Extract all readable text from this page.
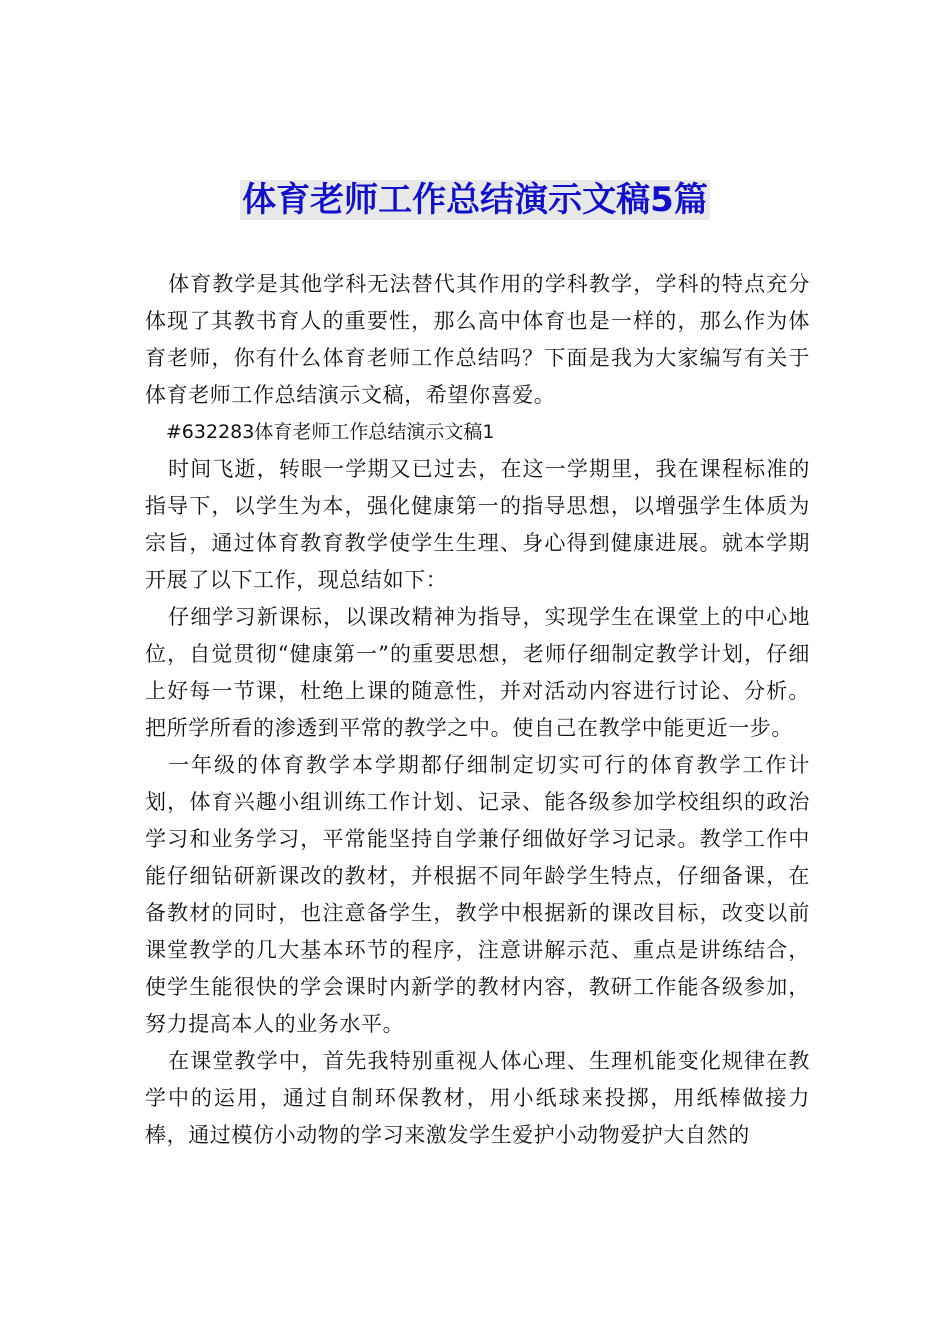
体育老师工作总结演示文稿5篇

体育教学是其他学科无法替代其作用的学科教学，学科的特点充分体现了其教书育人的重要性，那么高中体育也是一样的，那么作为体育老师，你有什么体育老师工作总结吗？下面是我为大家编写有关于体育老师工作总结演示文稿，希望你喜爱。

#632283体育老师工作总结演示文稿1

时间飞逝，转眼一学期又已过去，在这一学期里，我在课程标准的指导下，以学生为本，强化健康第一的指导思想，以增强学生体质为宗旨，通过体育教育教学使学生生理、身心得到健康进展。就本学期开展了以下工作，现总结如下：

仔细学习新课标，以课改精神为指导，实现学生在课堂上的中心地位，自觉贯彻“健康第一”的重要思想，老师仔细制定教学计划，仔细上好每一节课，杜绝上课的随意性，并对活动内容进行讨论、分析。把所学所看的渗透到平常的教学之中。使自己在教学中能更近一步。

一年级的体育教学本学期都仔细制定切实可行的体育教学工作计划，体育兴趣小组训练工作计划、记录、能各级参加学校组织的政治学习和业务学习，平常能坚持自学兼仔细做好学习记录。教学工作中能仔细钻研新课改的教材，并根据不同年龄学生特点，仔细备课，在备教材的同时，也注意备学生，教学中根据新的课改目标，改变以前课堂教学的几大基本环节的程序，注意讲解示范、重点是讲练结合，使学生能很快的学会课时内新学的教材内容，教研工作能各级参加，努力提高本人的业务水平。

在课堂教学中，首先我特别重视人体心理、生理机能变化规律在教学中的运用，通过自制环保教材，用小纸球来投掷，用纸棒做接力棒，通过模仿小动物的学习来激发学生爱护小动物爱护大自然的
